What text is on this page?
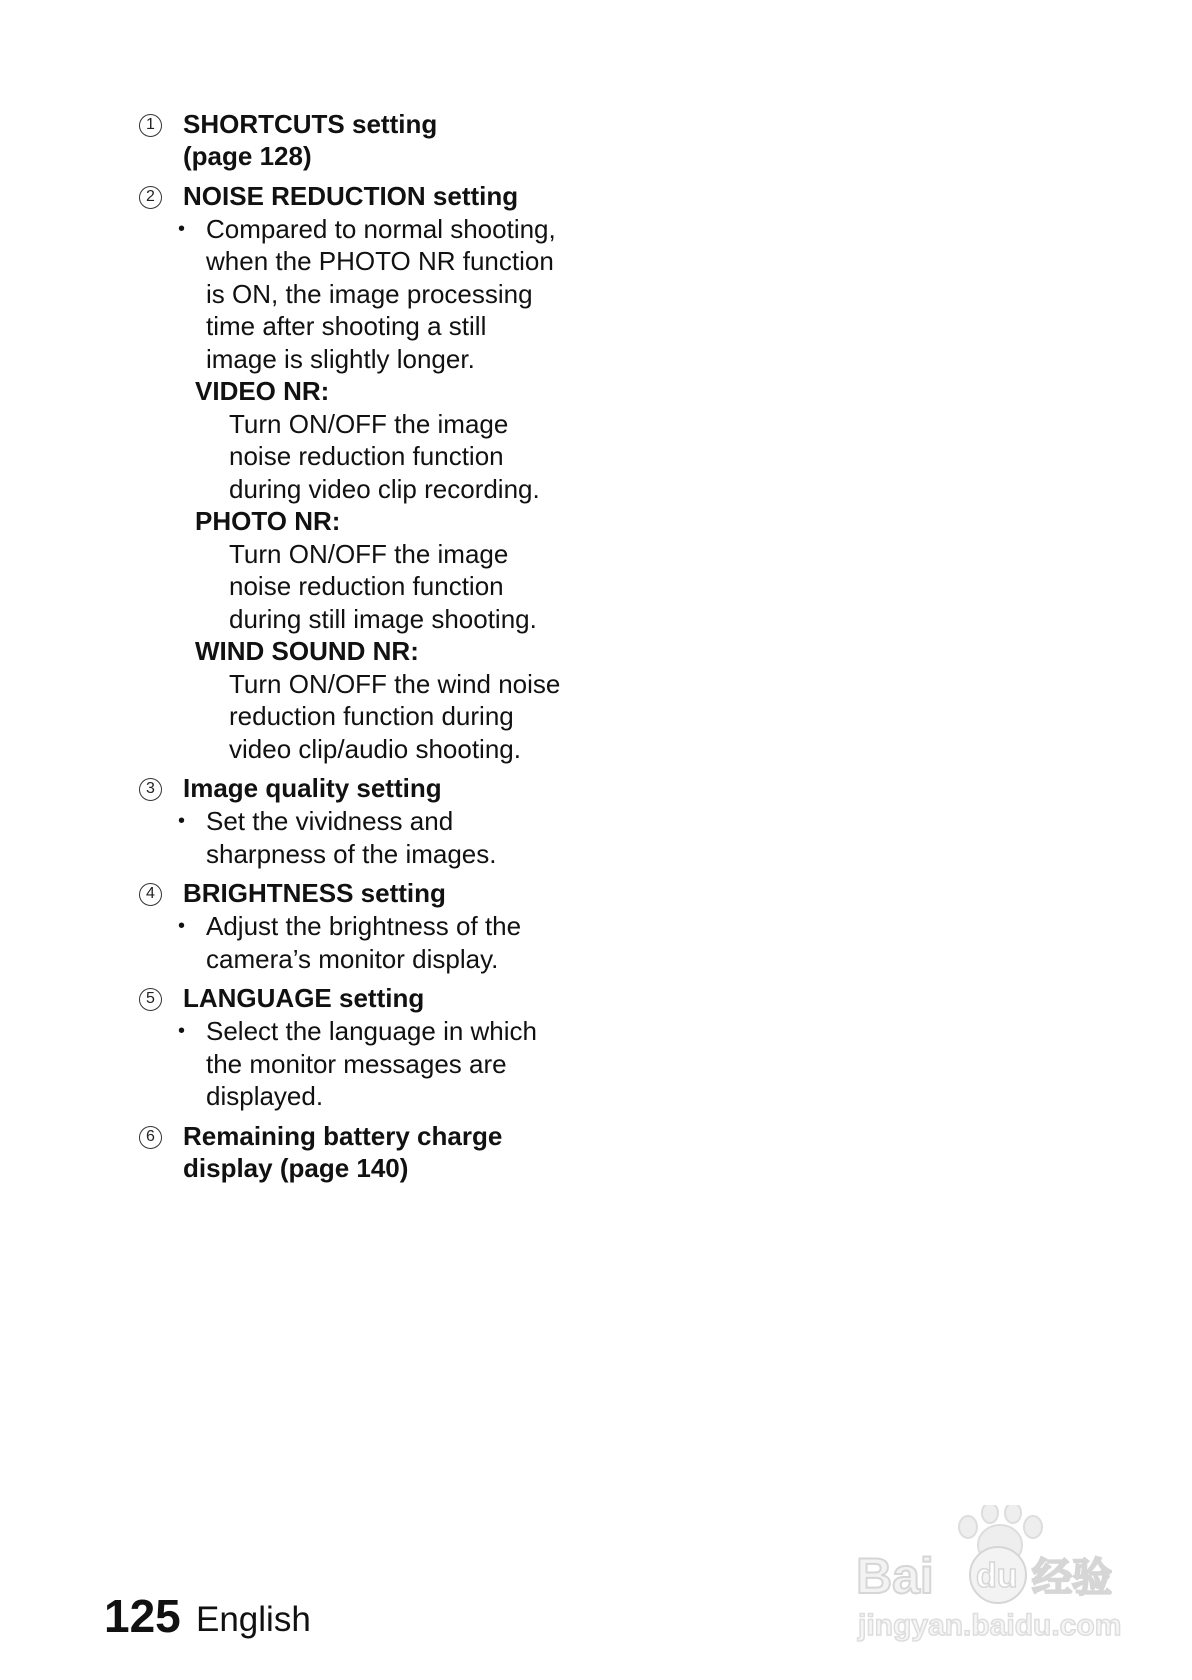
1 SHORTCUTS setting
(page 128)
2 NOISE REDUCTION setting
• Compared to normal shooting,
when the PHOTO NR function
is ON, the image processing
time after shooting a still
image is slightly longer.
VIDEO NR:
Turn ON/OFF the image
noise reduction function
during video clip recording.
PHOTO NR:
Turn ON/OFF the image
noise reduction function
during still image shooting.
WIND SOUND NR:
Turn ON/OFF the wind noise
reduction function during
video clip/audio shooting.
3 Image quality setting
• Set the vividness and
sharpness of the images.
4 BRIGHTNESS setting
• Adjust the brightness of the
camera’s monitor display.
5 LANGUAGE setting
• Select the language in which
the monitor messages are
displayed.
6 Remaining battery charge
display (page 140)
125 English
Bai du 经验
jingyan.baidu.com
